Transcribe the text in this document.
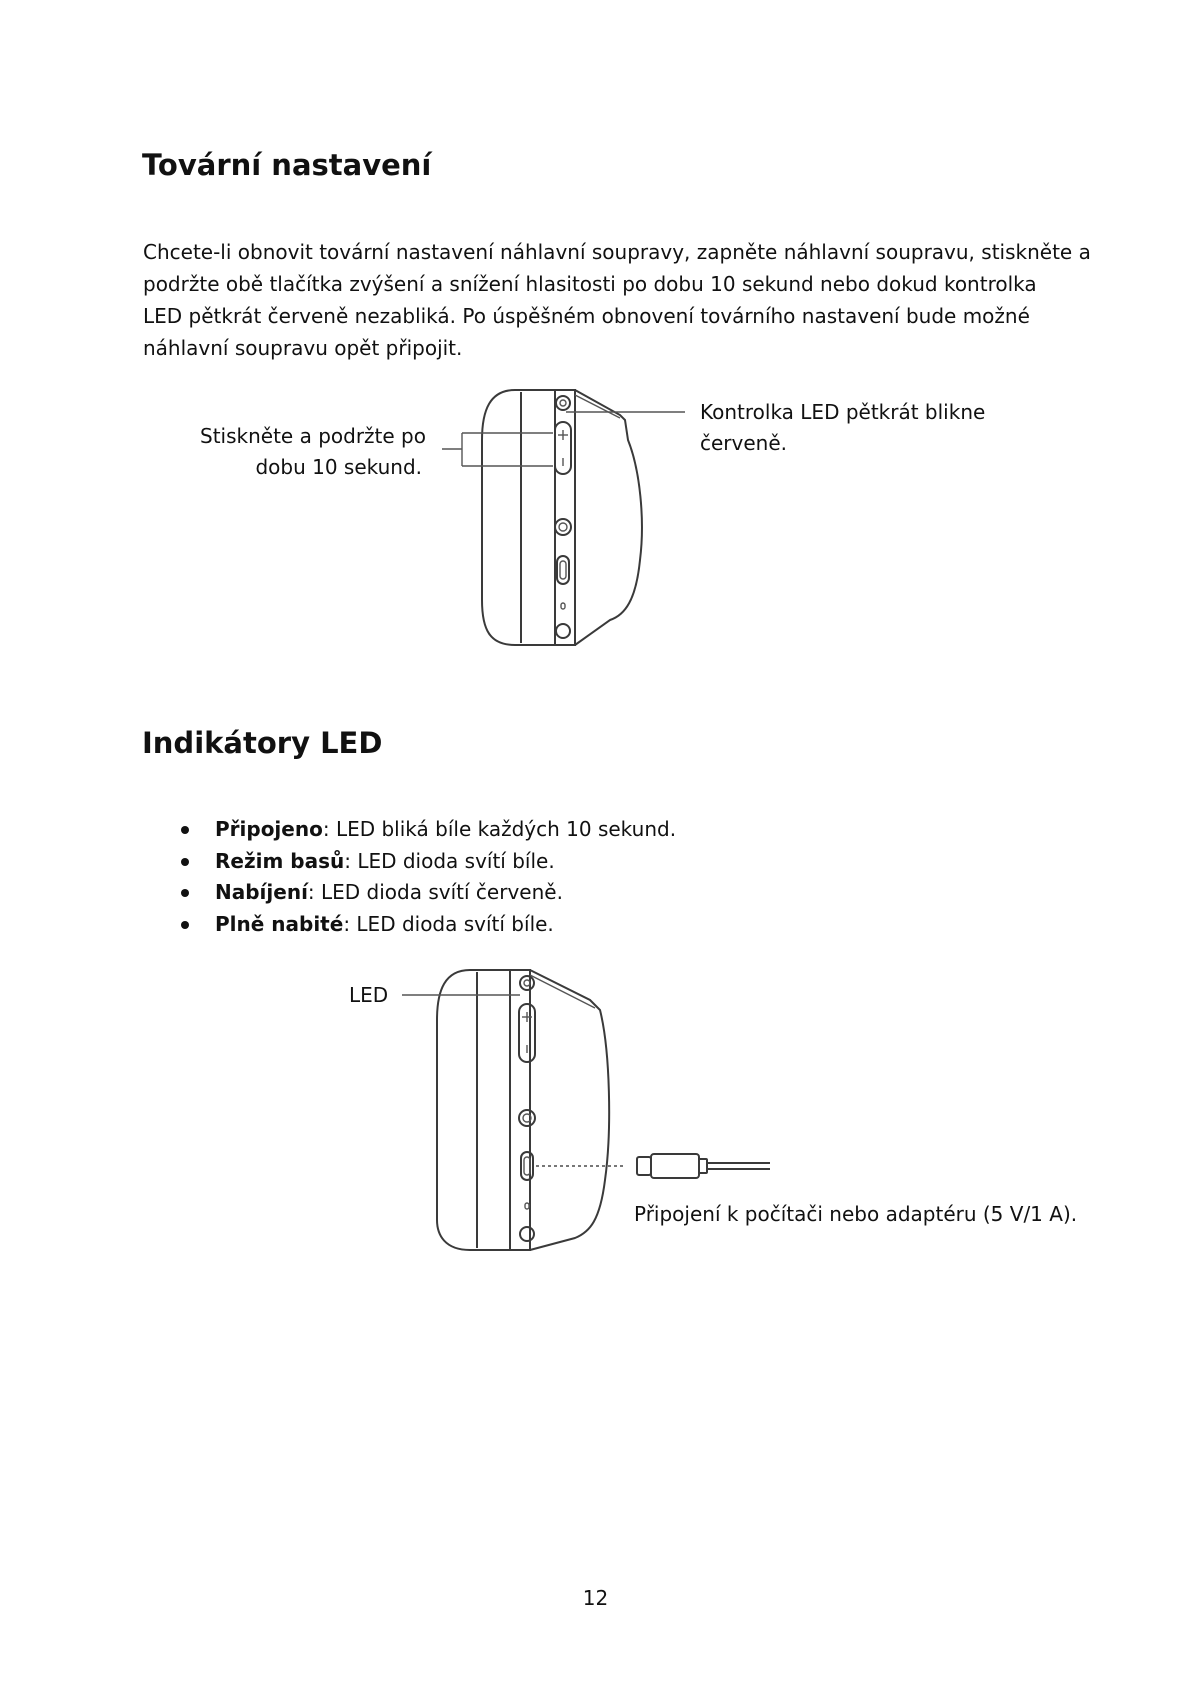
Tovární nastavení

Chcete-li obnovit tovární nastavení náhlavní soupravy, zapněte náhlavní soupravu, stiskněte a
podržte obě tlačítka zvýšení a snížení hlasitosti po dobu 10 sekund nebo dokud kontrolka
LED pětkrát červeně nezabliká. Po úspěšném obnovení továrního nastavení bude možné
náhlavní soupravu opět připojit.

Stiskněte a podržte po
dobu 10 sekund.
Kontrolka LED pětkrát blikne
červeně.
Indikátory LED
Připojeno: LED bliká bíle každých 10 sekund.
Režim basů: LED dioda svítí bíle.
Nabíjení: LED dioda svítí červeně.
Plně nabité: LED dioda svítí bíle.
LED
Připojení k počítači nebo adaptéru (5 V/1 A).
12
